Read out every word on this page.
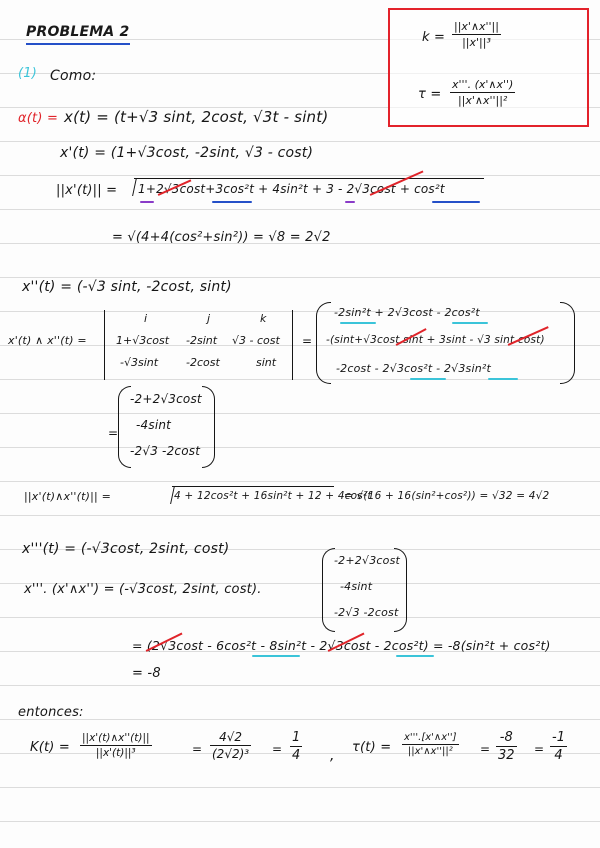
PROBLEMA 2	$k = \frac{||x'\wedge x''||}{\text{||x'||³}}$
$\tau = \frac{x'''. (x'\wedge x'')}{\text{||x'∧x''||²}}$
(1) Como:
α(t) = x(t) = (t+√3 sint, 2cost, √3t - sint)
x'(t) = (1+√3cost, -2sint, √3 - cost)
||x'(t)|| = 1+2√3cost+3cos²t + 4sin²t + 3 - 2√3cost + cos²t
= √(4+4(cos²+sin²)) = √8 = 2√2
x''(t) = (-√3 sint, -2cost, sint)
x'(t) ∧ x''(t) =
i	j	k
1+√3cost -2sint √3 - cost
-√3sint	-2cost	sint
=
-2sin²t + 2√3cost - 2cos²t
-(sint+√3cost sint + 3sint - √3 sint cost)
-2cost - 2√3cos²t - 2√3sin²t
=
-2+2√3cost
-4sint
-2√3 -2cost
||x'(t)∧x''(t)|| =	4 + 12cos²t + 16sin²t + 12 + 4cos²t
= √(16 + 16(sin²+cos²)) = √32 = 4√2
x'''(t) = (-√3cost, 2sint, cost)
x'''. (x'∧x'') = (-√3cost, 2sint, cost).
-2+2√3cost
-4sint
-2√3 -2cost
= (2√3cost - 6cos²t - 8sin²t - 2√3cost - 2cos²t) = -8(sin²t + cos²t)
= -8
entonces:
$K(t) = \frac{||x'(t)\wedge x''(t)||}{\text{||x'(t)||³}}$	= $\frac{4√2}{\text{(2√2)³}} = \frac{1}{4}$ ,
$\tau(t) = \frac{x'''.[x'\wedge x'']}{\text{||x'∧x''||²}} = \frac{-8}{32} = \frac{-1}{4}$
